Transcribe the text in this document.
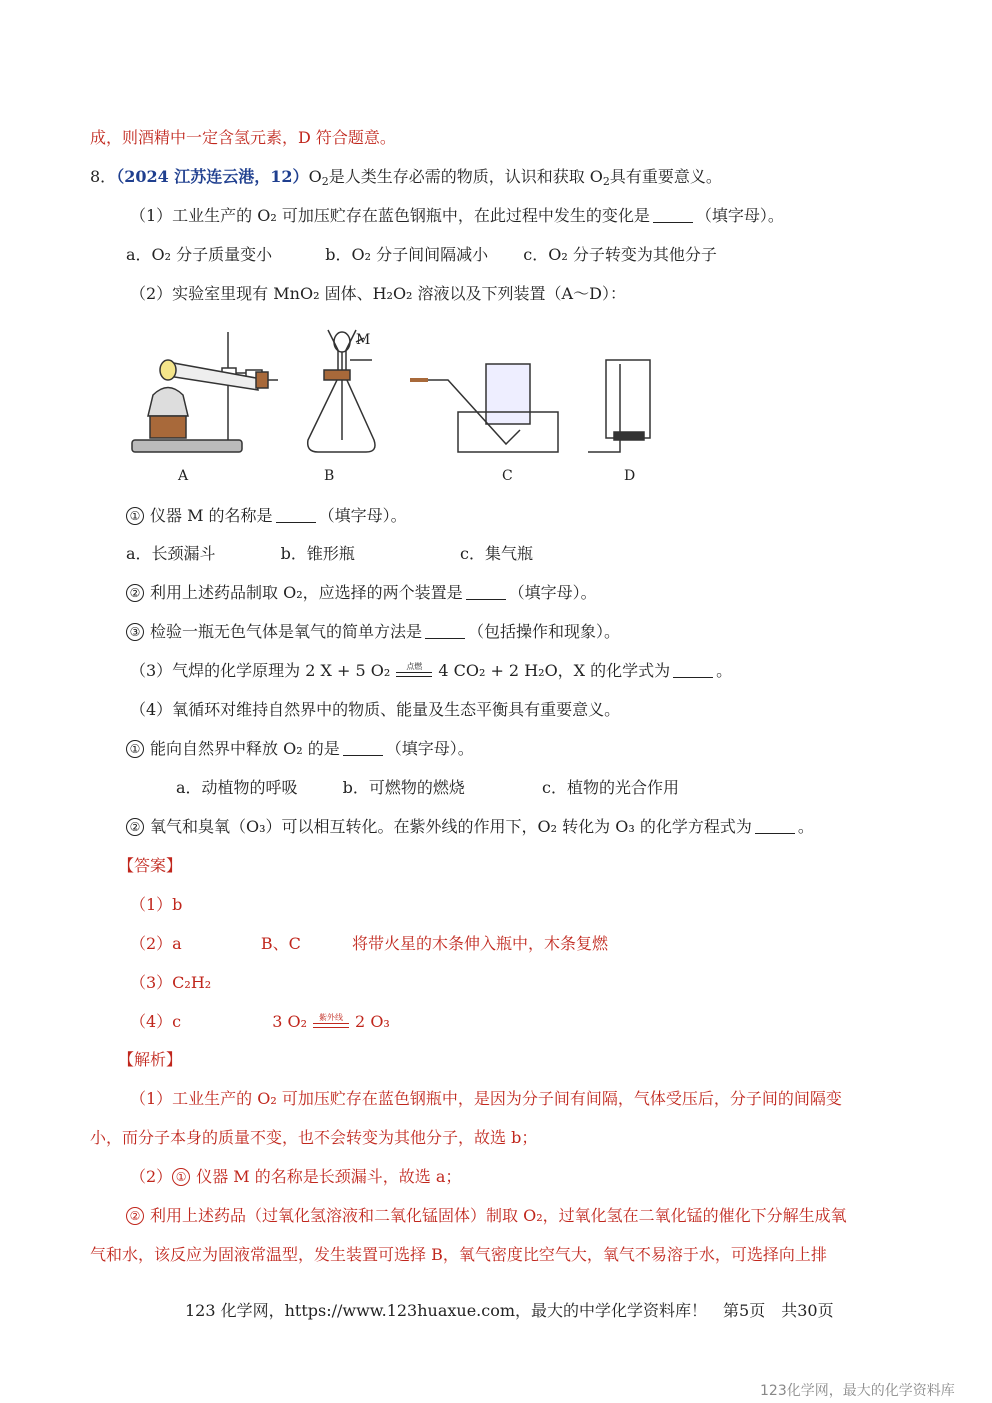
成，则酒精中一定含氢元素，D 符合题意。
8．（2024 江苏连云港，$12)O_2$是人类生存必需的物质，认识和获取 $O_2$具有重要意义。
（1）工业生产的 O₂ 可加压贮存在蓝色钢瓶中，在此过程中发生的变化是	（填字母）。
a．O₂ 分子质量变小	b．O₂ 分子间间隔减小 c．O₂ 分子转变为其他分子
（2）实验室里现有 MnO₂ 固体、H₂O₂ 溶液以及下列装置（A～D）：
M
A	B	C	D
① 仪器 M 的名称是	（填字母）。
a．长颈漏斗	b．锥形瓶	c．集气瓶
② 利用上述药品制取 O₂，应选择的两个装置是	（填字母）。
③ 检验一瓶无色气体是氧气的简单方法是	（包括操作和现象）。
（3）气焊的化学原理为 2 X + 5 O₂	点燃	4 CO₂ + 2 H₂O，X 的化学式为	。
（4）氧循环对维持自然界中的物质、能量及生态平衡具有重要意义。
① 能向自然界中释放 O₂ 的是	（填字母）。
a．动植物的呼吸	b．可燃物的燃烧	c．植物的光合作用
② 氧气和臭氧（O₃）可以相互转化。在紫外线的作用下，O₂ 转化为 O₃ 的化学方程式为	。
【答案】
（1）b
（2）a	B、C	将带火星的木条伸入瓶中，木条复燃
（3）C₂H₂
（4）c	3 O₂	紫外线 2 O₃
【解析】
（1）工业生产的 O₂ 可加压贮存在蓝色钢瓶中，是因为分子间有间隔，气体受压后，分子间的间隔变
小，而分子本身的质量不变，也不会转变为其他分子，故选 b；
（2） ① 仪器 M 的名称是长颈漏斗，故选 a；
② 利用上述药品（过氧化氢溶液和二氧化锰固体）制取 O₂，过氧化氢在二氧化锰的催化下分解生成氧
气和水，该反应为固液常温型，发生装置可选择 B，氧气密度比空气大，氧气不易溶于水，可选择向上排
123 化学网，https://www.123huaxue.com，最大的中学化学资料库！　第5页　共30页
123化学网，最大的化学资料库
